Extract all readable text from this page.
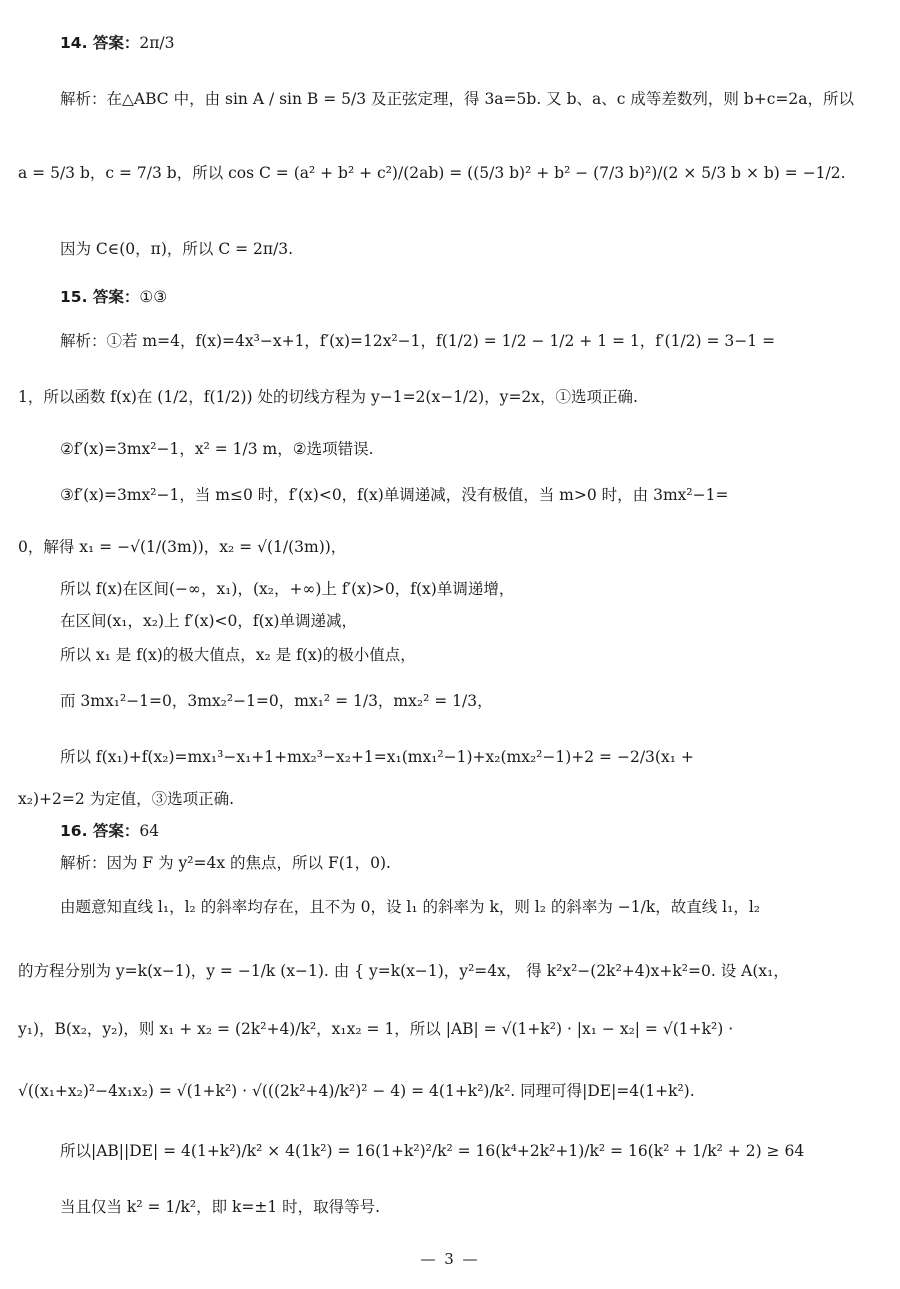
14. 答案：2π/3
解析：在△ABC 中，由 sin A / sin B = 5/3 及正弦定理，得 3a=5b. 又 b、a、c 成等差数列，则 b+c=2a，所以
a = 5/3 b，c = 7/3 b，所以 cos C = (a² + b² + c²)/(2ab) = ((5/3 b)² + b² − (7/3 b)²)/(2 × 5/3 b × b) = −1/2.
因为 C∈(0，π)，所以 C = 2π/3.
15. 答案：①③
解析：①若 m=4，f(x)=4x³−x+1，f′(x)=12x²−1，f(1/2) = 1/2 − 1/2 + 1 = 1，f′(1/2) = 3−1 =
1，所以函数 f(x)在 (1/2，f(1/2)) 处的切线方程为 y−1=2(x−1/2)，y=2x，①选项正确.
②f′(x)=3mx²−1，x² = 1/3 m，②选项错误.
③f′(x)=3mx²−1，当 m≤0 时，f′(x)<0，f(x)单调递减，没有极值，当 m>0 时，由 3mx²−1=
0，解得 x₁ = −√(1/(3m))，x₂ = √(1/(3m))，
所以 f(x)在区间(−∞，x₁)，(x₂，+∞)上 f′(x)>0，f(x)单调递增，
在区间(x₁，x₂)上 f′(x)<0，f(x)单调递减，
所以 x₁ 是 f(x)的极大值点，x₂ 是 f(x)的极小值点，
而 3mx₁²−1=0，3mx₂²−1=0，mx₁² = 1/3，mx₂² = 1/3，
所以 f(x₁)+f(x₂)=mx₁³−x₁+1+mx₂³−x₂+1=x₁(mx₁²−1)+x₂(mx₂²−1)+2 = −2/3(x₁ +
x₂)+2=2 为定值，③选项正确.
16. 答案：64
解析：因为 F 为 y²=4x 的焦点，所以 F(1，0).
由题意知直线 l₁，l₂ 的斜率均存在，且不为 0，设 l₁ 的斜率为 k，则 l₂ 的斜率为 −1/k，故直线 l₁，l₂
的方程分别为 y=k(x−1)，y = −1/k (x−1). 由 { y=k(x−1)，y²=4x， 得 k²x²−(2k²+4)x+k²=0. 设 A(x₁，
y₁)，B(x₂，y₂)，则 x₁ + x₂ = (2k²+4)/k²，x₁x₂ = 1，所以 |AB| = √(1+k²) · |x₁ − x₂| = √(1+k²) ·
√((x₁+x₂)²−4x₁x₂) = √(1+k²) · √(((2k²+4)/k²)² − 4) = 4(1+k²)/k². 同理可得|DE|=4(1+k²).
所以|AB||DE| = 4(1+k²)/k² × 4(1k²) = 16(1+k²)²/k² = 16(k⁴+2k²+1)/k² = 16(k² + 1/k² + 2) ≥ 64
当且仅当 k² = 1/k²，即 k=±1 时，取得等号.
— 3 —
